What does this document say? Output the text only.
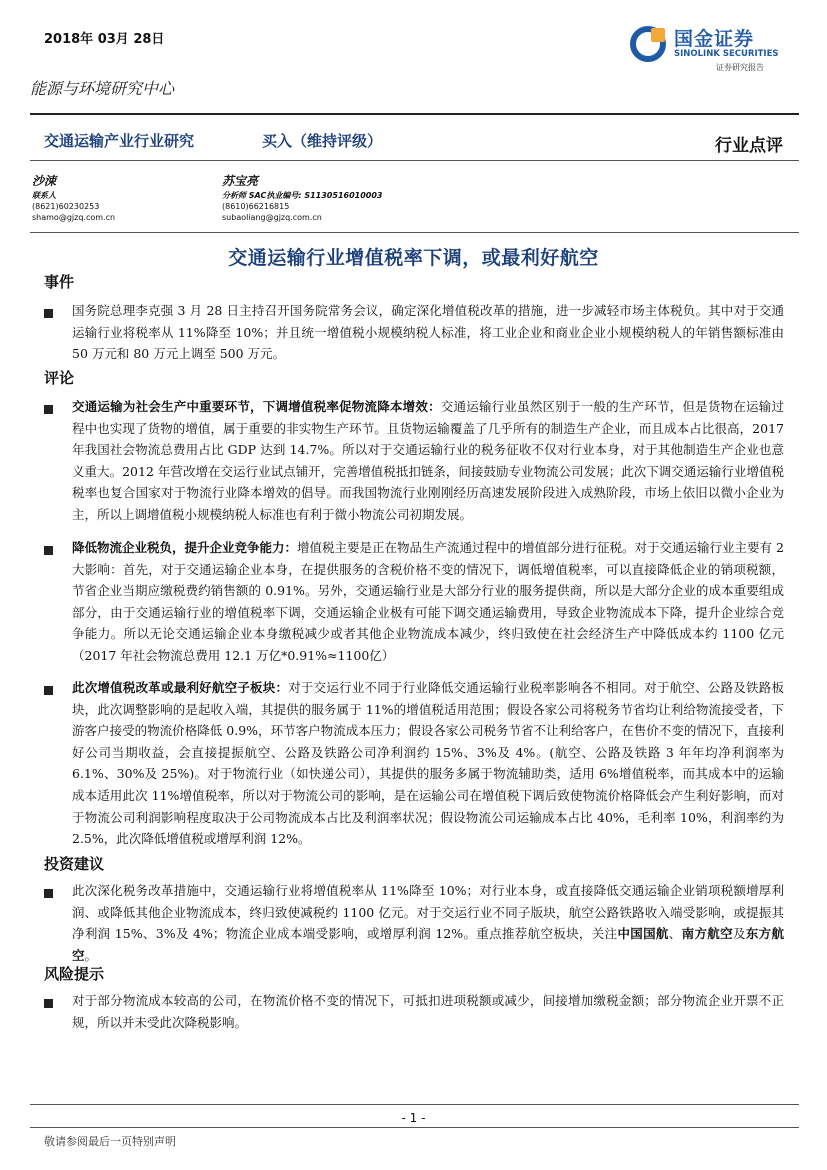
2018年 03月 28日	国金证券
SINOLINK SECURITIES
证券研究报告
能源与环境研究中心
交通运输产业行业研究	买入（维持评级）	行业点评
沙涑
联系人
(8621)60230253
shamo@gjzq.com.cn
苏宝亮
分析师 SAC执业编号: S1130516010003
(8610)66216815
subaoliang@gjzq.com.cn
交通运输行业增值税率下调，或最利好航空
事件
国务院总理李克强 3 月 28 日主持召开国务院常务会议，确定深化增值税改革的措施，进一步减轻市场主体税负。其中对于交通运输行业将税率从 11%降至 10%；并且统一增值税小规模纳税人标准，将工业企业和商业企业小规模纳税人的年销售额标准由 50 万元和 80 万元上调至 500 万元。
评论
交通运输为社会生产中重要环节，下调增值税率促物流降本增效：交通运输行业虽然区别于一般的生产环节，但是货物在运输过程中也实现了货物的增值，属于重要的非实物生产环节。且货物运输覆盖了几乎所有的制造生产企业，而且成本占比很高，2017 年我国社会物流总费用占比 GDP 达到 14.7%。所以对于交通运输行业的税务征收不仅对行业本身，对于其他制造生产企业也意义重大。2012 年营改增在交运行业试点铺开，完善增值税抵扣链条，间接鼓励专业物流公司发展；此次下调交通运输行业增值税税率也复合国家对于物流行业降本增效的倡导。而我国物流行业刚刚经历高速发展阶段进入成熟阶段，市场上依旧以微小企业为主，所以上调增值税小规模纳税人标准也有利于微小物流公司初期发展。
降低物流企业税负，提升企业竞争能力：增值税主要是正在物品生产流通过程中的增值部分进行征税。对于交通运输行业主要有 2 大影响：首先，对于交通运输企业本身，在提供服务的含税价格不变的情况下，调低增值税率，可以直接降低企业的销项税额，节省企业当期应缴税费约销售额的 0.91%。另外，交通运输行业是大部分行业的服务提供商，所以是大部分企业的成本重要组成部分，由于交通运输行业的增值税率下调，交通运输企业极有可能下调交通运输费用，导致企业物流成本下降，提升企业综合竞争能力。所以无论交通运输企业本身缴税减少或者其他企业物流成本减少，终归致使在社会经济生产中降低成本约 1100 亿元（2017 年社会物流总费用 12.1 万亿*0.91%≈1100亿）
此次增值税改革或最利好航空子板块：对于交运行业不同于行业降低交通运输行业税率影响各不相同。对于航空、公路及铁路板块，此次调整影响的是起收入端，其提供的服务属于 11%的增值税适用范围；假设各家公司将税务节省均让利给物流接受者，下游客户接受的物流价格降低 0.9%，环节客户物流成本压力；假设各家公司税务节省不让利给客户，在售价不变的情况下，直接利好公司当期收益，会直接提振航空、公路及铁路公司净利润约 15%、3%及 4%。(航空、公路及铁路 3 年年均净利润率为 6.1%、30%及 25%)。对于物流行业（如快递公司），其提供的服务多属于物流辅助类，适用 6%增值税率，而其成本中的运输成本适用此次 11%增值税率，所以对于物流公司的影响，是在运输公司在增值税下调后致使物流价格降低会产生利好影响，而对于物流公司利润影响程度取决于公司物流成本占比及利润率状况；假设物流公司运输成本占比 40%，毛利率 10%，利润率约为 2.5%，此次降低增值税或增厚利润 12%。
投资建议
此次深化税务改革措施中，交通运输行业将增值税率从 11%降至 10%；对行业本身，或直接降低交通运输企业销项税额增厚利润、或降低其他企业物流成本，终归致使减税约 1100 亿元。对于交运行业不同子版块，航空公路铁路收入端受影响，或提振其净利润 15%、3%及 4%；物流企业成本端受影响，或增厚利润 12%。重点推荐航空板块，关注中国国航、南方航空及东方航空。
风险提示
对于部分物流成本较高的公司，在物流价格不变的情况下，可抵扣进项税额或减少，间接增加缴税金额；部分物流企业开票不正规，所以并未受此次降税影响。
- 1 -
敬请参阅最后一页特别声明
